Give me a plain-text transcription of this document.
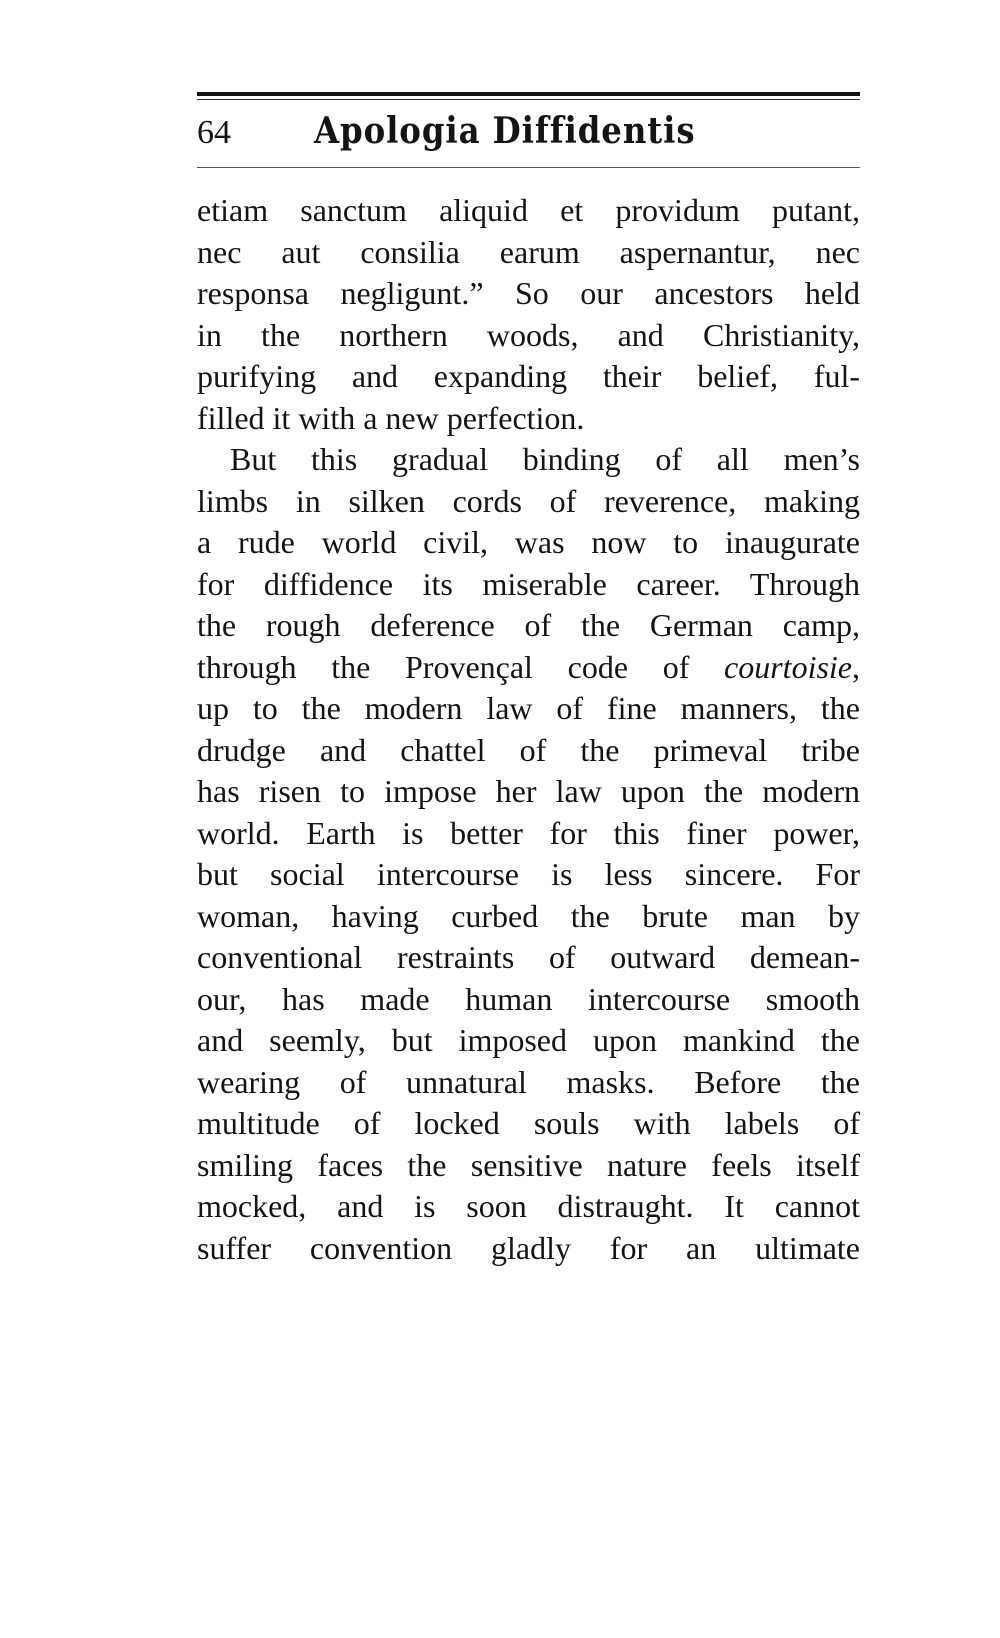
64 Apologia Diffidentis
etiam sanctum aliquid et providum putant,
nec aut consilia earum aspernantur, nec
responsa negligunt.” So our ancestors held
in the northern woods, and Christianity,
purifying and expanding their belief, ful-
filled it with a new perfection.
But this gradual binding of all men’s
limbs in silken cords of reverence, making
a rude world civil, was now to inaugurate
for diffidence its miserable career. Through
the rough deference of the German camp,
through the Provençal code of courtoisie,
up to the modern law of fine manners, the
drudge and chattel of the primeval tribe
has risen to impose her law upon the modern
world. Earth is better for this finer power,
but social intercourse is less sincere. For
woman, having curbed the brute man by
conventional restraints of outward demean-
our, has made human intercourse smooth
and seemly, but imposed upon mankind the
wearing of unnatural masks. Before the
multitude of locked souls with labels of
smiling faces the sensitive nature feels itself
mocked, and is soon distraught. It cannot
suffer convention gladly for an ultimate
